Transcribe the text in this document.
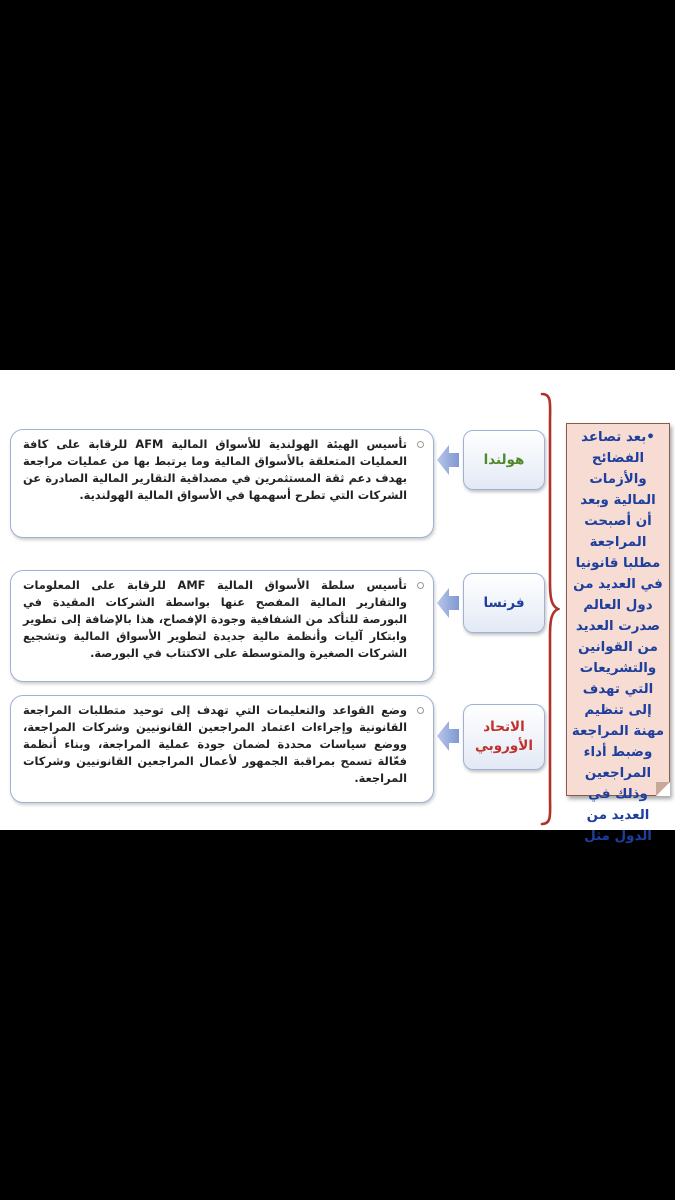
•بعد تصاعد الفضائح والأزمات المالية وبعد أن أصبحت المراجعة مطلبا قانونيا في العديد من دول العالم صدرت العديد من القوانين والتشريعات التي تهدف إلى تنظيم مهنة المراجعة وضبط أداء المراجعين وذلك في العديد من الدول مثل
هولندا
تأسيس الهيئة الهولندية للأسواق المالية AFM للرقابة على كافة العمليات المتعلقة بالأسواق المالية وما يرتبط بها من عمليات مراجعة بهدف دعم ثقة المستثمرين في مصداقية التقارير المالية الصادرة عن الشركات التي تطرح أسهمها في الأسواق المالية الهولندية.
فرنسا
تأسيس سلطة الأسواق المالية AMF للرقابة على المعلومات والتقارير المالية المفصح عنها بواسطة الشركات المقيدة في البورصة للتأكد من الشفافية وجودة الإفصاح، هذا بالإضافة إلى تطوير وابتكار آليات وأنظمة مالية جديدة لتطوير الأسواق المالية وتشجيع الشركات الصغيرة والمتوسطة على الاكتتاب في البورصة.
الاتحاد الأوروبي
وضع القواعد والتعليمات التي تهدف إلى توحيد متطلبات المراجعة القانونية وإجراءات اعتماد المراجعين القانونيين وشركات المراجعة، ووضع سياسات محددة لضمان جودة عملية المراجعة، وبناء أنظمة فعّالة تسمح بمراقبة الجمهور لأعمال المراجعين القانونيين وشركات المراجعة.
